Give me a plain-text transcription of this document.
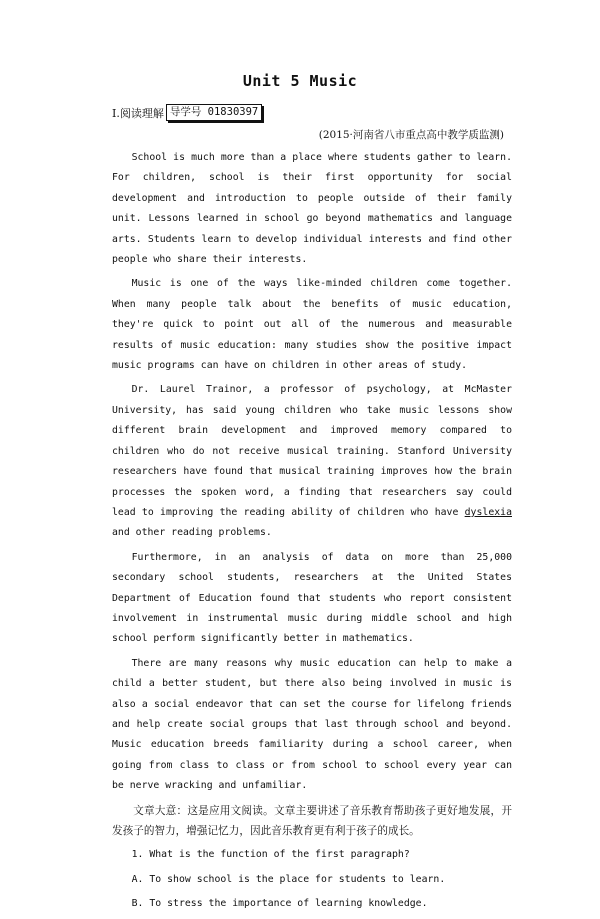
Unit 5 Music
Ⅰ.阅读理解 导学号 01830397
(2015·河南省八市重点高中教学质监测)

School is much more than a place where students gather to learn. For children, school is their first opportunity for social development and introduction to people outside of their family unit. Lessons learned in school go beyond mathematics and language arts. Students learn to develop individual interests and find other people who share their interests.

Music is one of the ways like-minded children come together. When many people talk about the benefits of music education, they're quick to point out all of the numerous and measurable results of music education: many studies show the positive impact music programs can have on children in other areas of study.

Dr. Laurel Trainor, a professor of psychology, at McMaster University, has said young children who take music lessons show different brain development and improved memory compared to children who do not receive musical training. Stanford University researchers have found that musical training improves how the brain processes the spoken word, a finding that researchers say could lead to improving the reading ability of children who have dyslexia and other reading problems.

Furthermore, in an analysis of data on more than 25,000 secondary school students, researchers at the United States Department of Education found that students who report consistent involvement in instrumental music during middle school and high school perform significantly better in mathematics.

There are many reasons why music education can help to make a child a better student, but there also being involved in music is also a social endeavor that can set the course for lifelong friends and help create social groups that last through school and beyond. Music education breeds familiarity during a school career, when going from class to class or from school to school every year can be nerve wracking and unfamiliar.

文章大意：这是应用文阅读。文章主要讲述了音乐教育帮助孩子更好地发展，开发孩子的智力，增强记忆力，因此音乐教育更有利于孩子的成长。

1. What is the function of the first paragraph?

A. To show school is the place for students to learn.

B. To stress the importance of learning knowledge.
